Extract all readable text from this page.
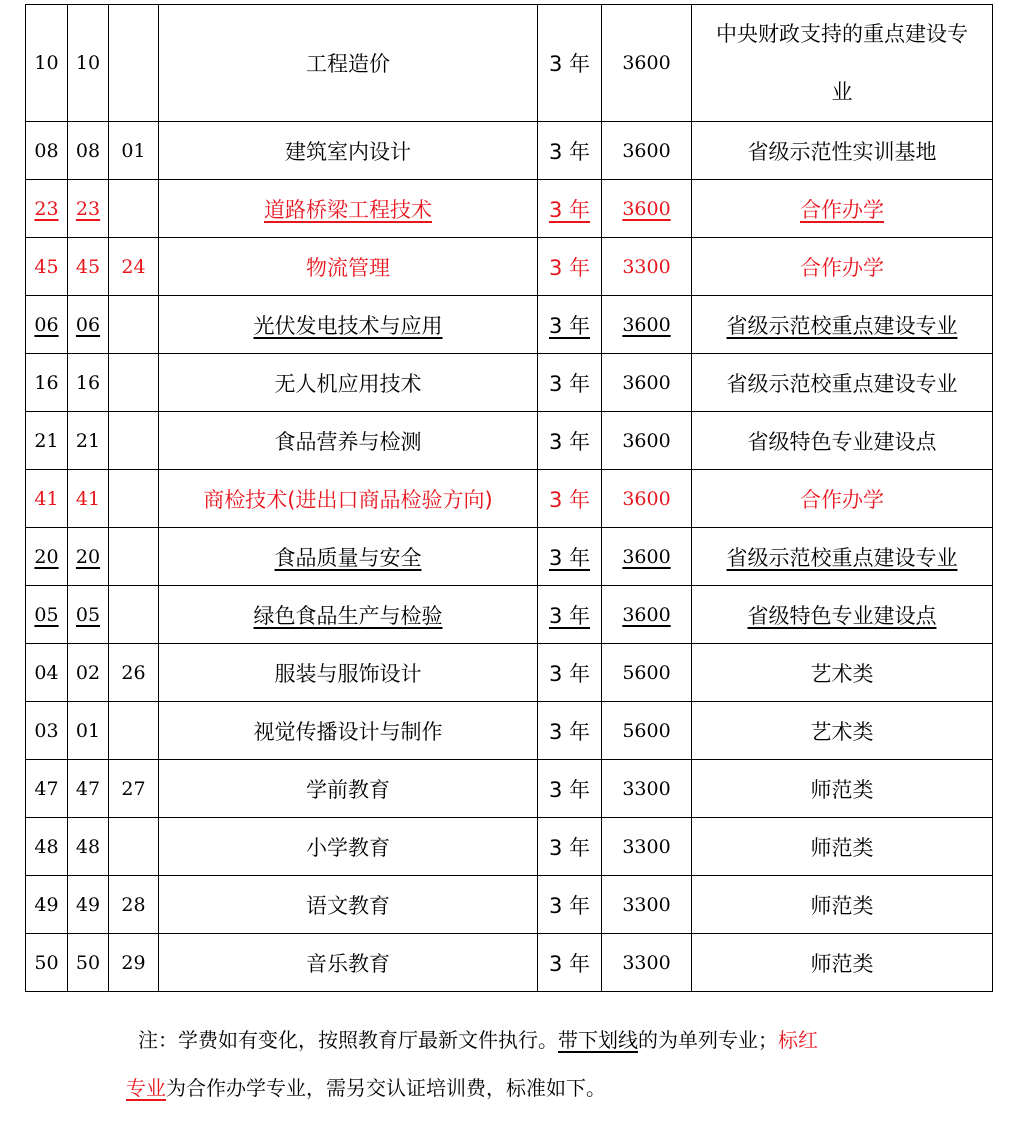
10	10		工程造价	3 年	3600	中央财政支持的重点建设专业
08	08	01	建筑室内设计	3 年	3600	省级示范性实训基地
23	23		道路桥梁工程技术	3 年	3600	合作办学
45	45	24	物流管理	3 年	3300	合作办学
06	06		光伏发电技术与应用	3 年	3600	省级示范校重点建设专业
16	16		无人机应用技术	3 年	3600	省级示范校重点建设专业
21	21		食品营养与检测	3 年	3600	省级特色专业建设点
41	41		商检技术(进出口商品检验方向)	3 年	3600	合作办学
20	20		食品质量与安全	3 年	3600	省级示范校重点建设专业
05	05		绿色食品生产与检验	3 年	3600	省级特色专业建设点
04	02	26	服装与服饰设计	3 年	5600	艺术类
03	01		视觉传播设计与制作	3 年	5600	艺术类
47	47	27	学前教育	3 年	3300	师范类
48	48		小学教育	3 年	3300	师范类
49	49	28	语文教育	3 年	3300	师范类
50	50	29	音乐教育	3 年	3300	师范类
注：学费如有变化，按照教育厅最新文件执行。带下划线的为单列专业；标红
专业为合作办学专业，需另交认证培训费，标准如下。
